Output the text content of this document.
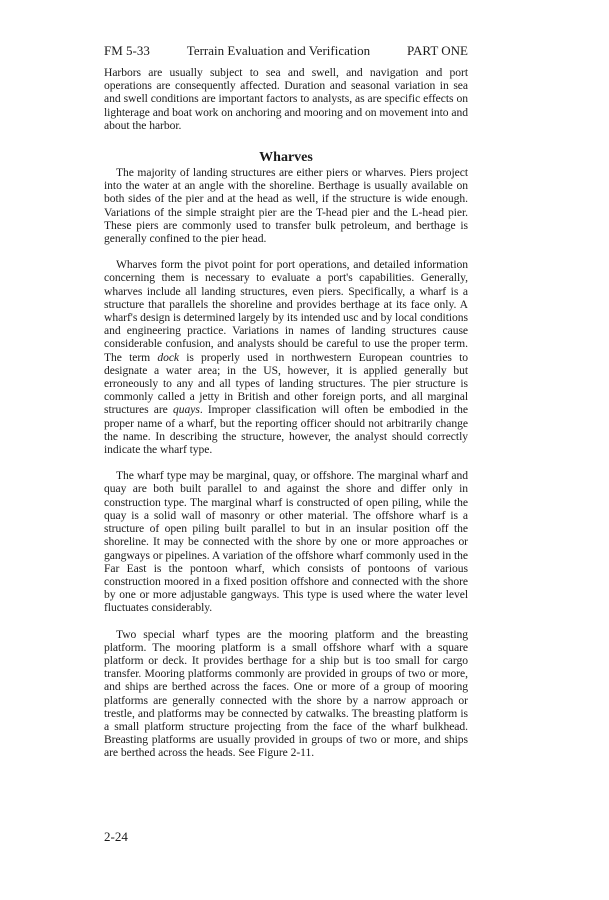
FM 5-33	Terrain Evaluation and Verification	PART ONE

Harbors are usually subject to sea and swell, and navigation and port operations are consequently affected. Duration and seasonal variation in sea and swell conditions are important factors to analysts, as are specific effects on lighterage and boat work on anchoring and mooring and on movement into and about the harbor.

Wharves

The majority of landing structures are either piers or wharves. Piers project into the water at an angle with the shoreline. Berthage is usually available on both sides of the pier and at the head as well, if the structure is wide enough. Variations of the simple straight pier are the T-head pier and the L-head pier. These piers are commonly used to transfer bulk petroleum, and berthage is generally confined to the pier head.

Wharves form the pivot point for port operations, and detailed information concerning them is necessary to evaluate a port's capabilities. Generally, wharves include all landing structures, even piers. Specifically, a wharf is a structure that parallels the shoreline and provides berthage at its face only. A wharf's design is determined largely by its intended usc and by local conditions and engineering practice. Variations in names of landing structures cause considerable confusion, and analysts should be careful to use the proper term. The term dock is properly used in northwestern European countries to designate a water area; in the US, however, it is applied generally but erroneously to any and all types of landing structures. The pier structure is commonly called a jetty in British and other foreign ports, and all marginal structures are quays. Improper classification will often be embodied in the proper name of a wharf, but the reporting officer should not arbitrarily change the name. In describing the structure, however, the analyst should correctly indicate the wharf type.

The wharf type may be marginal, quay, or offshore. The marginal wharf and quay are both built parallel to and against the shore and differ only in construction type. The marginal wharf is constructed of open piling, while the quay is a solid wall of masonry or other material. The offshore wharf is a structure of open piling built parallel to but in an insular position off the shoreline. It may be connected with the shore by one or more approaches or gangways or pipelines. A variation of the offshore wharf commonly used in the Far East is the pontoon wharf, which consists of pontoons of various construction moored in a fixed position offshore and connected with the shore by one or more adjustable gangways. This type is used where the water level fluctuates considerably.

Two special wharf types are the mooring platform and the breasting platform. The mooring platform is a small offshore wharf with a square platform or deck. It provides berthage for a ship but is too small for cargo transfer. Mooring platforms commonly are provided in groups of two or more, and ships are berthed across the faces. One or more of a group of mooring platforms are generally connected with the shore by a narrow approach or trestle, and platforms may be connected by catwalks. The breasting platform is a small platform structure projecting from the face of the wharf bulkhead. Breasting platforms are usually provided in groups of two or more, and ships are berthed across the heads. See Figure 2-11.

2-24
